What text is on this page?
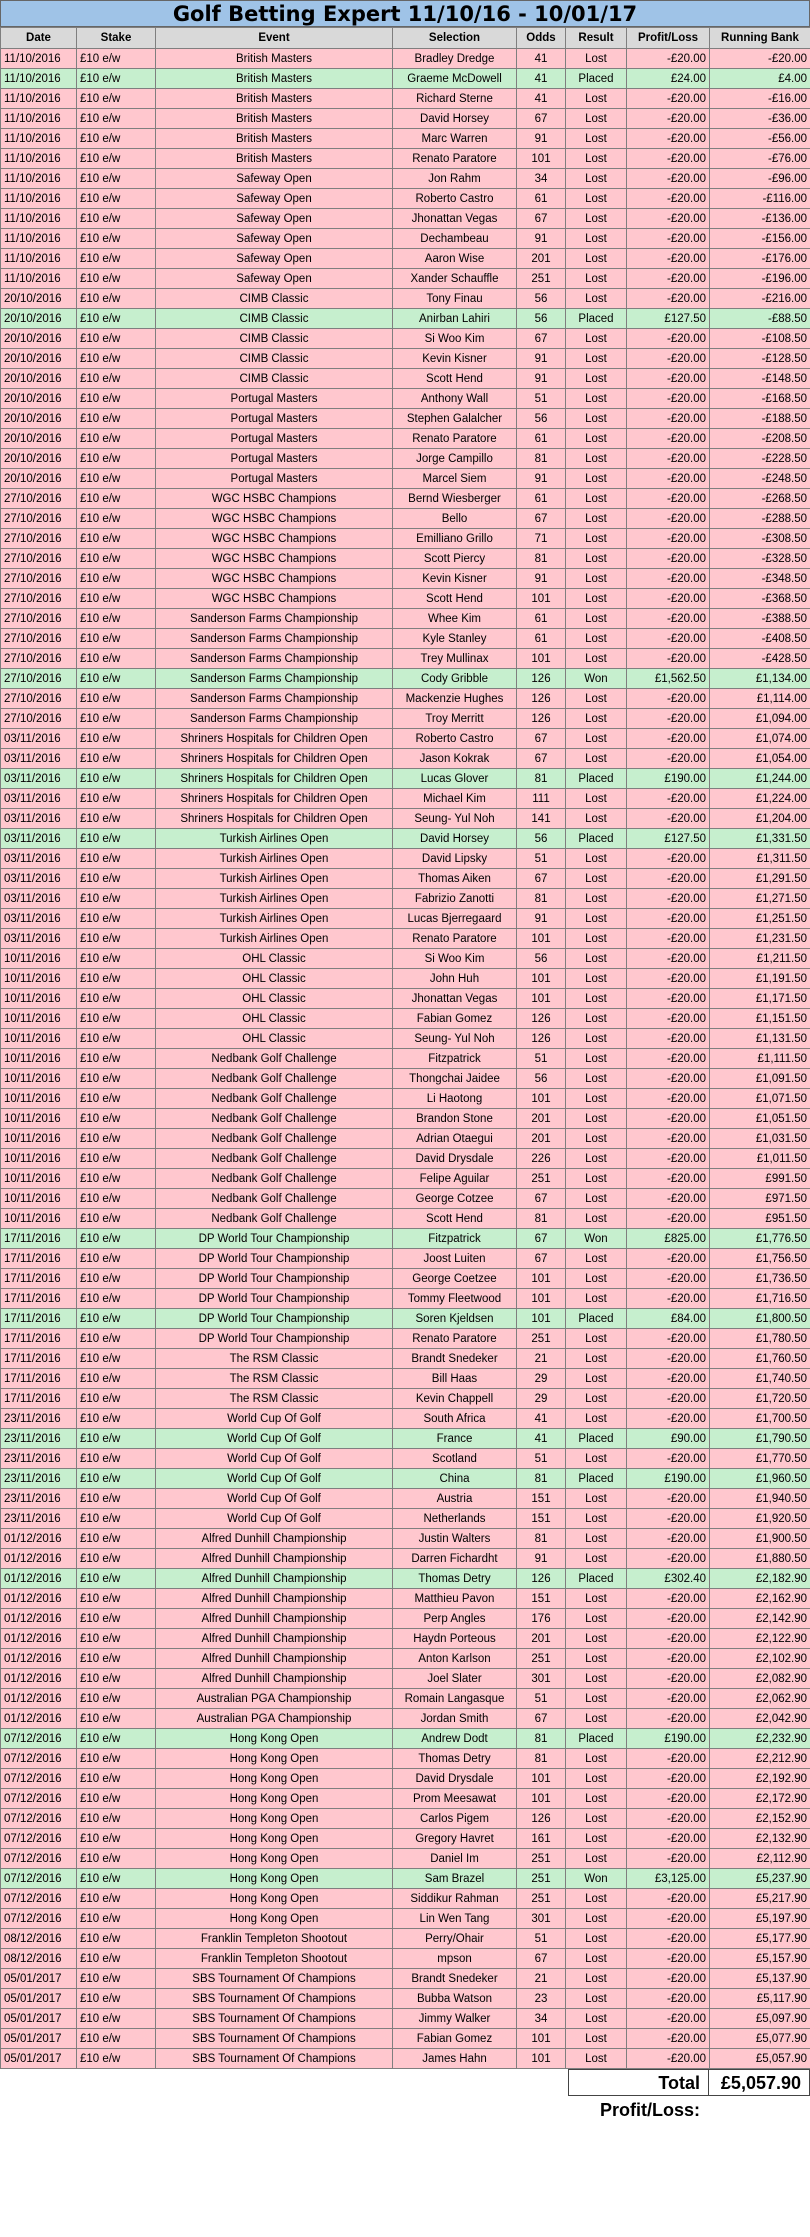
Golf Betting Expert 11/10/16 - 10/01/17
Date	Stake	Event	Selection	Odds	Result	Profit/Loss	Running Bank
11/10/2016	£10 e/w	British Masters	Bradley Dredge	41	Lost	-£20.00	-£20.00
11/10/2016	£10 e/w	British Masters	Graeme McDowell	41	Placed	£24.00	£4.00
11/10/2016	£10 e/w	British Masters	Richard Sterne	41	Lost	-£20.00	-£16.00
11/10/2016	£10 e/w	British Masters	David Horsey	67	Lost	-£20.00	-£36.00
11/10/2016	£10 e/w	British Masters	Marc Warren	91	Lost	-£20.00	-£56.00
11/10/2016	£10 e/w	British Masters	Renato Paratore	101	Lost	-£20.00	-£76.00
11/10/2016	£10 e/w	Safeway Open	Jon Rahm	34	Lost	-£20.00	-£96.00
11/10/2016	£10 e/w	Safeway Open	Roberto Castro	61	Lost	-£20.00	-£116.00
11/10/2016	£10 e/w	Safeway Open	Jhonattan Vegas	67	Lost	-£20.00	-£136.00
11/10/2016	£10 e/w	Safeway Open	Dechambeau	91	Lost	-£20.00	-£156.00
11/10/2016	£10 e/w	Safeway Open	Aaron Wise	201	Lost	-£20.00	-£176.00
11/10/2016	£10 e/w	Safeway Open	Xander Schauffle	251	Lost	-£20.00	-£196.00
20/10/2016	£10 e/w	CIMB Classic	Tony Finau	56	Lost	-£20.00	-£216.00
20/10/2016	£10 e/w	CIMB Classic	Anirban Lahiri	56	Placed	£127.50	-£88.50
20/10/2016	£10 e/w	CIMB Classic	Si Woo Kim	67	Lost	-£20.00	-£108.50
20/10/2016	£10 e/w	CIMB Classic	Kevin Kisner	91	Lost	-£20.00	-£128.50
20/10/2016	£10 e/w	CIMB Classic	Scott Hend	91	Lost	-£20.00	-£148.50
20/10/2016	£10 e/w	Portugal Masters	Anthony Wall	51	Lost	-£20.00	-£168.50
20/10/2016	£10 e/w	Portugal Masters	Stephen Galalcher	56	Lost	-£20.00	-£188.50
20/10/2016	£10 e/w	Portugal Masters	Renato Paratore	61	Lost	-£20.00	-£208.50
20/10/2016	£10 e/w	Portugal Masters	Jorge Campillo	81	Lost	-£20.00	-£228.50
20/10/2016	£10 e/w	Portugal Masters	Marcel Siem	91	Lost	-£20.00	-£248.50
27/10/2016	£10 e/w	WGC HSBC Champions	Bernd Wiesberger	61	Lost	-£20.00	-£268.50
27/10/2016	£10 e/w	WGC HSBC Champions	Bello	67	Lost	-£20.00	-£288.50
27/10/2016	£10 e/w	WGC HSBC Champions	Emilliano Grillo	71	Lost	-£20.00	-£308.50
27/10/2016	£10 e/w	WGC HSBC Champions	Scott Piercy	81	Lost	-£20.00	-£328.50
27/10/2016	£10 e/w	WGC HSBC Champions	Kevin Kisner	91	Lost	-£20.00	-£348.50
27/10/2016	£10 e/w	WGC HSBC Champions	Scott Hend	101	Lost	-£20.00	-£368.50
27/10/2016	£10 e/w	Sanderson Farms Championship	Whee Kim	61	Lost	-£20.00	-£388.50
27/10/2016	£10 e/w	Sanderson Farms Championship	Kyle Stanley	61	Lost	-£20.00	-£408.50
27/10/2016	£10 e/w	Sanderson Farms Championship	Trey Mullinax	101	Lost	-£20.00	-£428.50
27/10/2016	£10 e/w	Sanderson Farms Championship	Cody Gribble	126	Won	£1,562.50	£1,134.00
27/10/2016	£10 e/w	Sanderson Farms Championship	Mackenzie Hughes	126	Lost	-£20.00	£1,114.00
27/10/2016	£10 e/w	Sanderson Farms Championship	Troy Merritt	126	Lost	-£20.00	£1,094.00
03/11/2016	£10 e/w	Shriners Hospitals for Children Open	Roberto Castro	67	Lost	-£20.00	£1,074.00
03/11/2016	£10 e/w	Shriners Hospitals for Children Open	Jason Kokrak	67	Lost	-£20.00	£1,054.00
03/11/2016	£10 e/w	Shriners Hospitals for Children Open	Lucas Glover	81	Placed	£190.00	£1,244.00
03/11/2016	£10 e/w	Shriners Hospitals for Children Open	Michael Kim	111	Lost	-£20.00	£1,224.00
03/11/2016	£10 e/w	Shriners Hospitals for Children Open	Seung- Yul Noh	141	Lost	-£20.00	£1,204.00
03/11/2016	£10 e/w	Turkish Airlines Open	David Horsey	56	Placed	£127.50	£1,331.50
03/11/2016	£10 e/w	Turkish Airlines Open	David Lipsky	51	Lost	-£20.00	£1,311.50
03/11/2016	£10 e/w	Turkish Airlines Open	Thomas Aiken	67	Lost	-£20.00	£1,291.50
03/11/2016	£10 e/w	Turkish Airlines Open	Fabrizio Zanotti	81	Lost	-£20.00	£1,271.50
03/11/2016	£10 e/w	Turkish Airlines Open	Lucas Bjerregaard	91	Lost	-£20.00	£1,251.50
03/11/2016	£10 e/w	Turkish Airlines Open	Renato Paratore	101	Lost	-£20.00	£1,231.50
10/11/2016	£10 e/w	OHL Classic	Si Woo Kim	56	Lost	-£20.00	£1,211.50
10/11/2016	£10 e/w	OHL Classic	John Huh	101	Lost	-£20.00	£1,191.50
10/11/2016	£10 e/w	OHL Classic	Jhonattan Vegas	101	Lost	-£20.00	£1,171.50
10/11/2016	£10 e/w	OHL Classic	Fabian Gomez	126	Lost	-£20.00	£1,151.50
10/11/2016	£10 e/w	OHL Classic	Seung- Yul Noh	126	Lost	-£20.00	£1,131.50
10/11/2016	£10 e/w	Nedbank Golf Challenge	Fitzpatrick	51	Lost	-£20.00	£1,111.50
10/11/2016	£10 e/w	Nedbank Golf Challenge	Thongchai Jaidee	56	Lost	-£20.00	£1,091.50
10/11/2016	£10 e/w	Nedbank Golf Challenge	Li Haotong	101	Lost	-£20.00	£1,071.50
10/11/2016	£10 e/w	Nedbank Golf Challenge	Brandon Stone	201	Lost	-£20.00	£1,051.50
10/11/2016	£10 e/w	Nedbank Golf Challenge	Adrian Otaegui	201	Lost	-£20.00	£1,031.50
10/11/2016	£10 e/w	Nedbank Golf Challenge	David Drysdale	226	Lost	-£20.00	£1,011.50
10/11/2016	£10 e/w	Nedbank Golf Challenge	Felipe Aguilar	251	Lost	-£20.00	£991.50
10/11/2016	£10 e/w	Nedbank Golf Challenge	George Cotzee	67	Lost	-£20.00	£971.50
10/11/2016	£10 e/w	Nedbank Golf Challenge	Scott Hend	81	Lost	-£20.00	£951.50
17/11/2016	£10 e/w	DP World Tour Championship	Fitzpatrick	67	Won	£825.00	£1,776.50
17/11/2016	£10 e/w	DP World Tour Championship	Joost Luiten	67	Lost	-£20.00	£1,756.50
17/11/2016	£10 e/w	DP World Tour Championship	George Coetzee	101	Lost	-£20.00	£1,736.50
17/11/2016	£10 e/w	DP World Tour Championship	Tommy Fleetwood	101	Lost	-£20.00	£1,716.50
17/11/2016	£10 e/w	DP World Tour Championship	Soren Kjeldsen	101	Placed	£84.00	£1,800.50
17/11/2016	£10 e/w	DP World Tour Championship	Renato Paratore	251	Lost	-£20.00	£1,780.50
17/11/2016	£10 e/w	The RSM Classic	Brandt Snedeker	21	Lost	-£20.00	£1,760.50
17/11/2016	£10 e/w	The RSM Classic	Bill Haas	29	Lost	-£20.00	£1,740.50
17/11/2016	£10 e/w	The RSM Classic	Kevin Chappell	29	Lost	-£20.00	£1,720.50
23/11/2016	£10 e/w	World Cup Of Golf	South Africa	41	Lost	-£20.00	£1,700.50
23/11/2016	£10 e/w	World Cup Of Golf	France	41	Placed	£90.00	£1,790.50
23/11/2016	£10 e/w	World Cup Of Golf	Scotland	51	Lost	-£20.00	£1,770.50
23/11/2016	£10 e/w	World Cup Of Golf	China	81	Placed	£190.00	£1,960.50
23/11/2016	£10 e/w	World Cup Of Golf	Austria	151	Lost	-£20.00	£1,940.50
23/11/2016	£10 e/w	World Cup Of Golf	Netherlands	151	Lost	-£20.00	£1,920.50
01/12/2016	£10 e/w	Alfred Dunhill Championship	Justin Walters	81	Lost	-£20.00	£1,900.50
01/12/2016	£10 e/w	Alfred Dunhill Championship	Darren Fichardht	91	Lost	-£20.00	£1,880.50
01/12/2016	£10 e/w	Alfred Dunhill Championship	Thomas Detry	126	Placed	£302.40	£2,182.90
01/12/2016	£10 e/w	Alfred Dunhill Championship	Matthieu Pavon	151	Lost	-£20.00	£2,162.90
01/12/2016	£10 e/w	Alfred Dunhill Championship	Perp Angles	176	Lost	-£20.00	£2,142.90
01/12/2016	£10 e/w	Alfred Dunhill Championship	Haydn Porteous	201	Lost	-£20.00	£2,122.90
01/12/2016	£10 e/w	Alfred Dunhill Championship	Anton Karlson	251	Lost	-£20.00	£2,102.90
01/12/2016	£10 e/w	Alfred Dunhill Championship	Joel Slater	301	Lost	-£20.00	£2,082.90
01/12/2016	£10 e/w	Australian PGA Championship	Romain Langasque	51	Lost	-£20.00	£2,062.90
01/12/2016	£10 e/w	Australian PGA Championship	Jordan Smith	67	Lost	-£20.00	£2,042.90
07/12/2016	£10 e/w	Hong Kong Open	Andrew Dodt	81	Placed	£190.00	£2,232.90
07/12/2016	£10 e/w	Hong Kong Open	Thomas Detry	81	Lost	-£20.00	£2,212.90
07/12/2016	£10 e/w	Hong Kong Open	David Drysdale	101	Lost	-£20.00	£2,192.90
07/12/2016	£10 e/w	Hong Kong Open	Prom Meesawat	101	Lost	-£20.00	£2,172.90
07/12/2016	£10 e/w	Hong Kong Open	Carlos Pigem	126	Lost	-£20.00	£2,152.90
07/12/2016	£10 e/w	Hong Kong Open	Gregory Havret	161	Lost	-£20.00	£2,132.90
07/12/2016	£10 e/w	Hong Kong Open	Daniel Im	251	Lost	-£20.00	£2,112.90
07/12/2016	£10 e/w	Hong Kong Open	Sam Brazel	251	Won	£3,125.00	£5,237.90
07/12/2016	£10 e/w	Hong Kong Open	Siddikur Rahman	251	Lost	-£20.00	£5,217.90
07/12/2016	£10 e/w	Hong Kong Open	Lin Wen Tang	301	Lost	-£20.00	£5,197.90
08/12/2016	£10 e/w	Franklin Templeton Shootout	Perry/Ohair	51	Lost	-£20.00	£5,177.90
08/12/2016	£10 e/w	Franklin Templeton Shootout	mpson	67	Lost	-£20.00	£5,157.90
05/01/2017	£10 e/w	SBS Tournament Of Champions	Brandt Snedeker	21	Lost	-£20.00	£5,137.90
05/01/2017	£10 e/w	SBS Tournament Of Champions	Bubba Watson	23	Lost	-£20.00	£5,117.90
05/01/2017	£10 e/w	SBS Tournament Of Champions	Jimmy Walker	34	Lost	-£20.00	£5,097.90
05/01/2017	£10 e/w	SBS Tournament Of Champions	Fabian Gomez	101	Lost	-£20.00	£5,077.90
05/01/2017	£10 e/w	SBS Tournament Of Champions	James Hahn	101	Lost	-£20.00	£5,057.90
Total Profit/Loss:
£5,057.90
